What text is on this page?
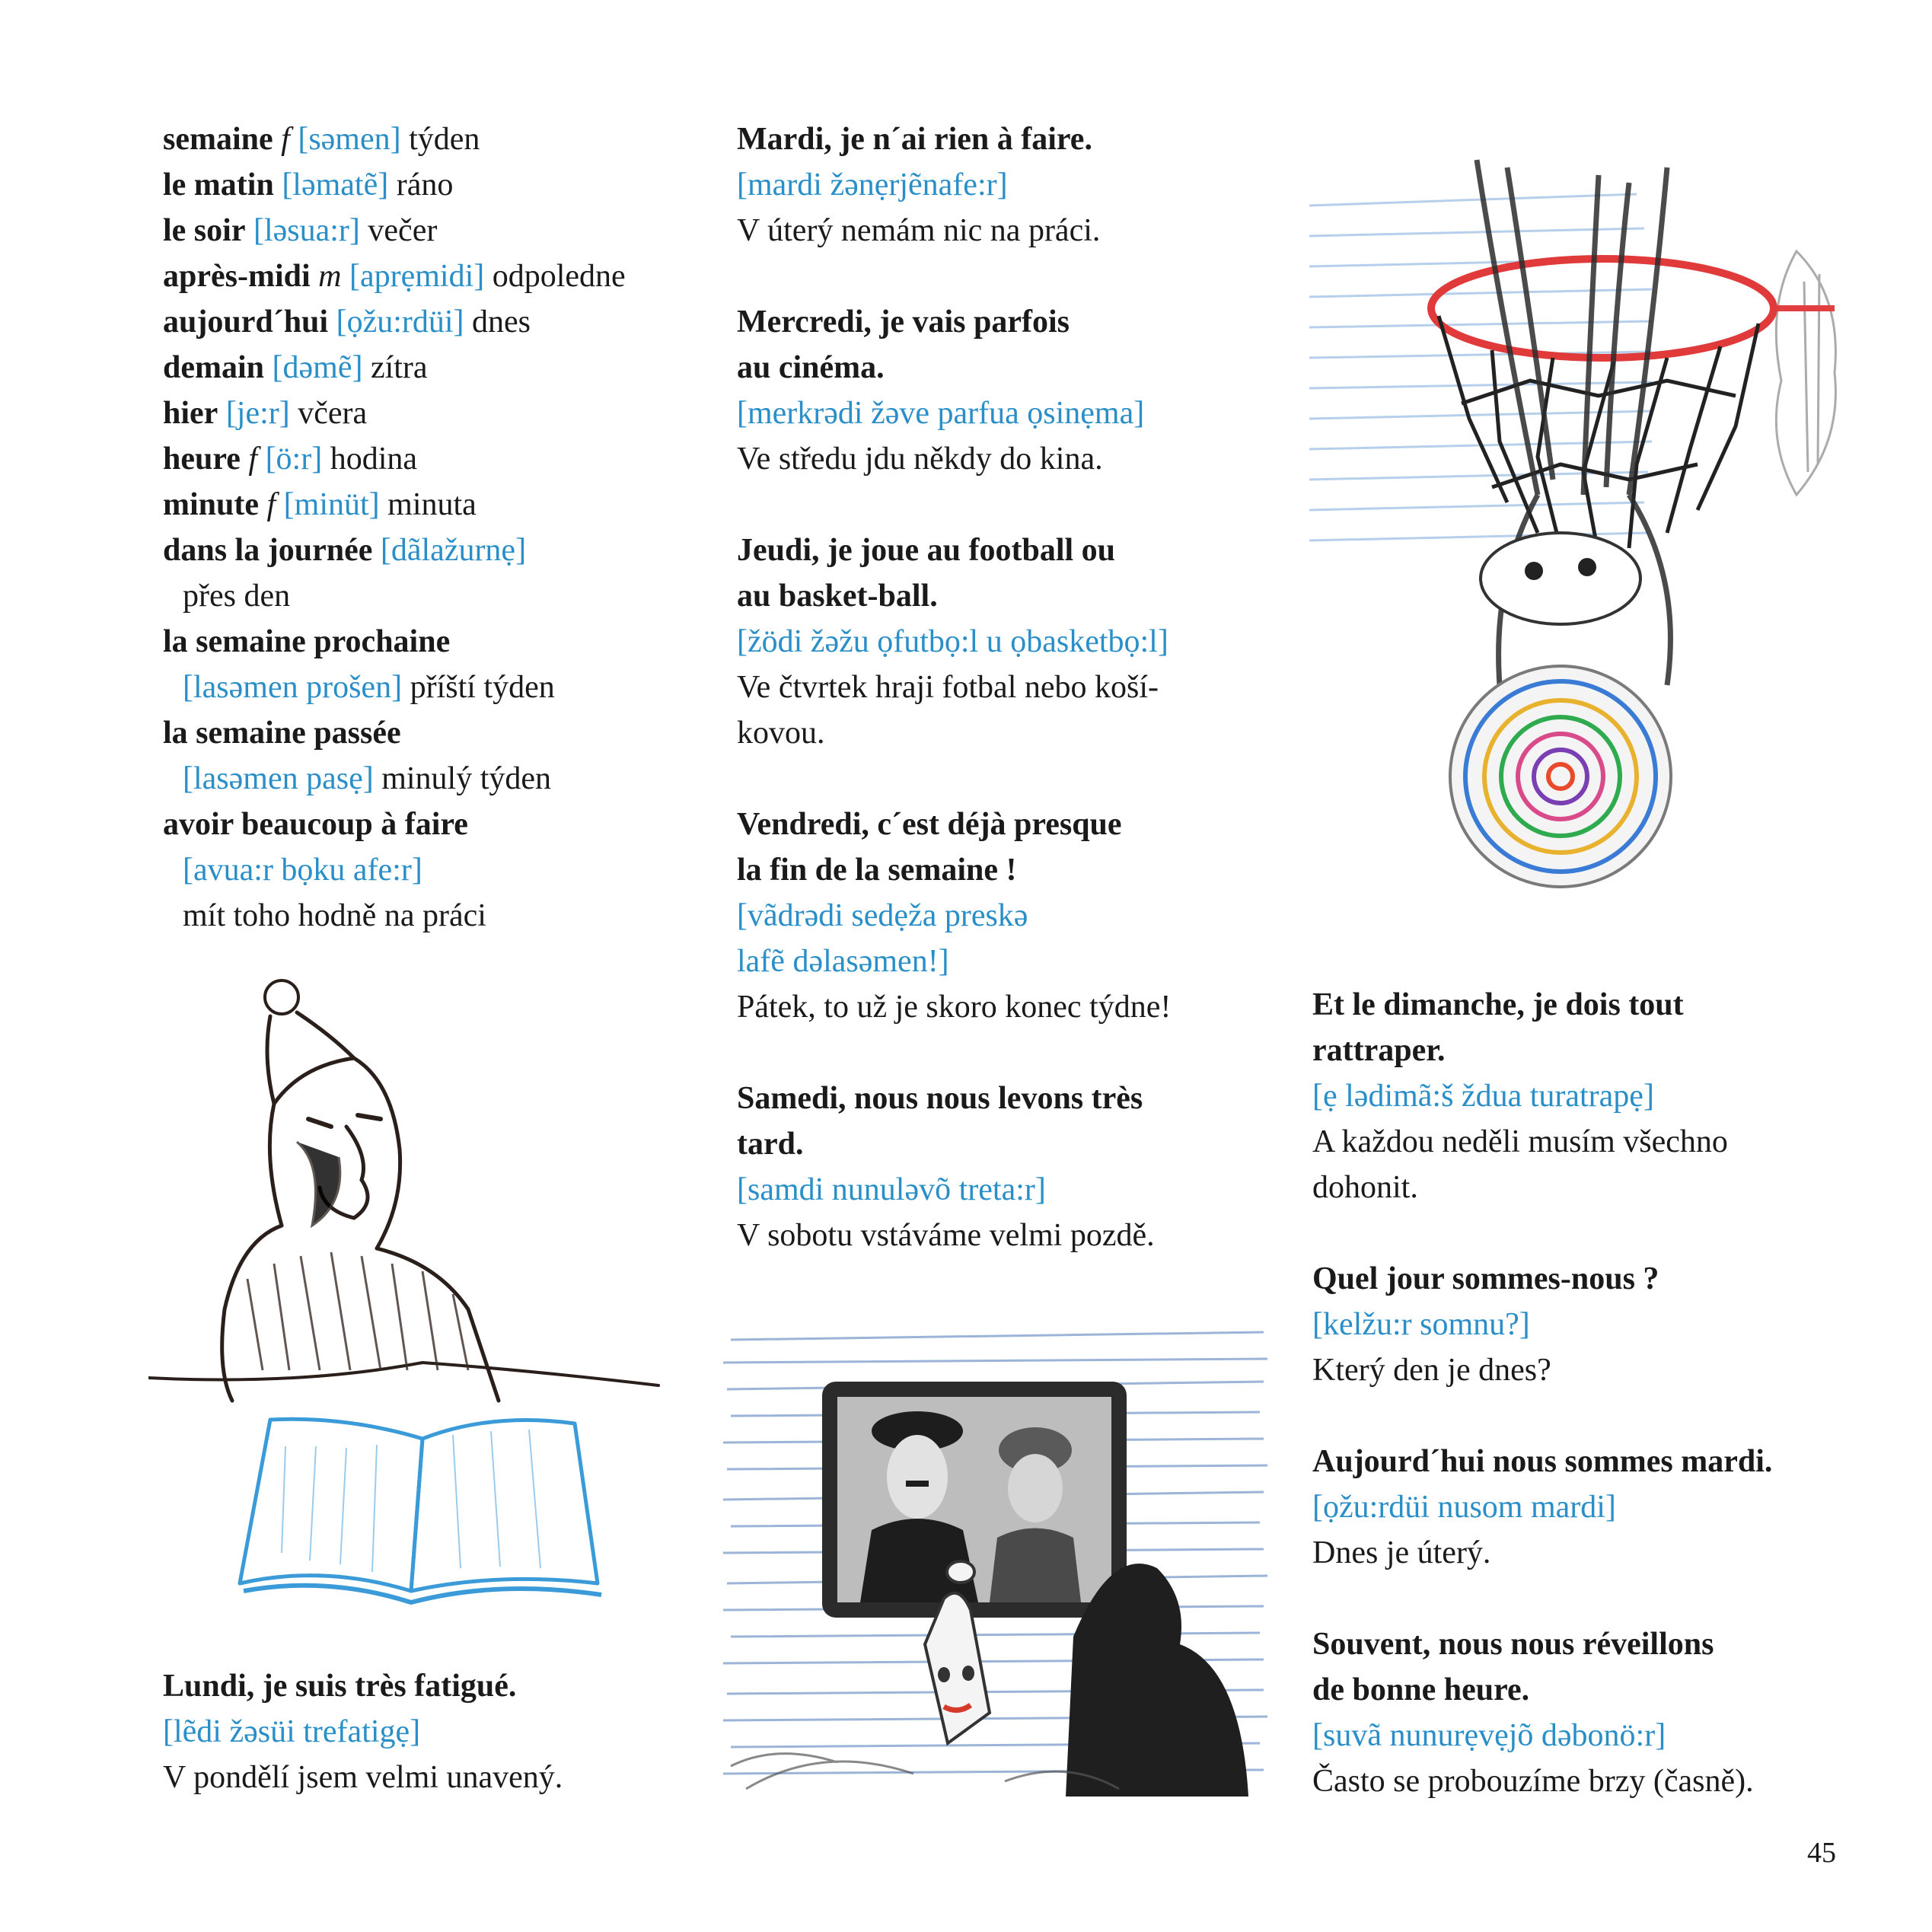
semaine f [səmen] týden
le matin [ləmatẽ] ráno
le soir [ləsua:r] večer
après-midi m [aprẹmidi] odpoledne
aujourd´hui [ọžu:rdüi] dnes
demain [dəmẽ] zítra
hier [je:r] včera
heure f [ö:r] hodina
minute f [minüt] minuta
dans la journée [dãlažurnẹ]
přes den
la semaine prochaine
[lasəmen prošen] příští týden
la semaine passée
[lasəmen pasẹ] minulý týden
avoir beaucoup à faire
[avua:r bọku afe:r]
mít toho hodně na práci
Lundi, je suis très fatigué.
[lẽdi žəsüi trefatigẹ]
V pondělí jsem velmi unavený.
Mardi, je n´ai rien à faire.
[mardi žənẹrjẽnafe:r]
V úterý nemám nic na práci.
Mercredi, je vais parfois
au cinéma.
[merkrədi žəve parfua ọsinẹma]
Ve středu jdu někdy do kina.
Jeudi, je joue au football ou
au basket-ball.
[žödi žəžu ọfutbọ:l u ọbasketbọ:l]
Ve čtvrtek hraji fotbal nebo koší-
kovou.
Vendredi, c´est déjà presque
la fin de la semaine !
[vãdrədi sedẹža preskə
lafẽ dəlasəmen!]
Pátek, to už je skoro konec týdne!
Samedi, nous nous levons très
tard.
[samdi nunuləvõ treta:r]
V sobotu vstáváme velmi pozdě.
Et le dimanche, je dois tout
rattraper.
[ẹ lədimã:š ždua turatrapẹ]
A každou neděli musím všechno
dohonit.
Quel jour sommes-nous ?
[kelžu:r somnu?]
Který den je dnes?
Aujourd´hui nous sommes mardi.
[ọžu:rdüi nusom mardi]
Dnes je úterý.
Souvent, nous nous réveillons
de bonne heure.
[suvã nunurẹvẹjõ dəbonö:r]
Často se probouzíme brzy (časně).
45
